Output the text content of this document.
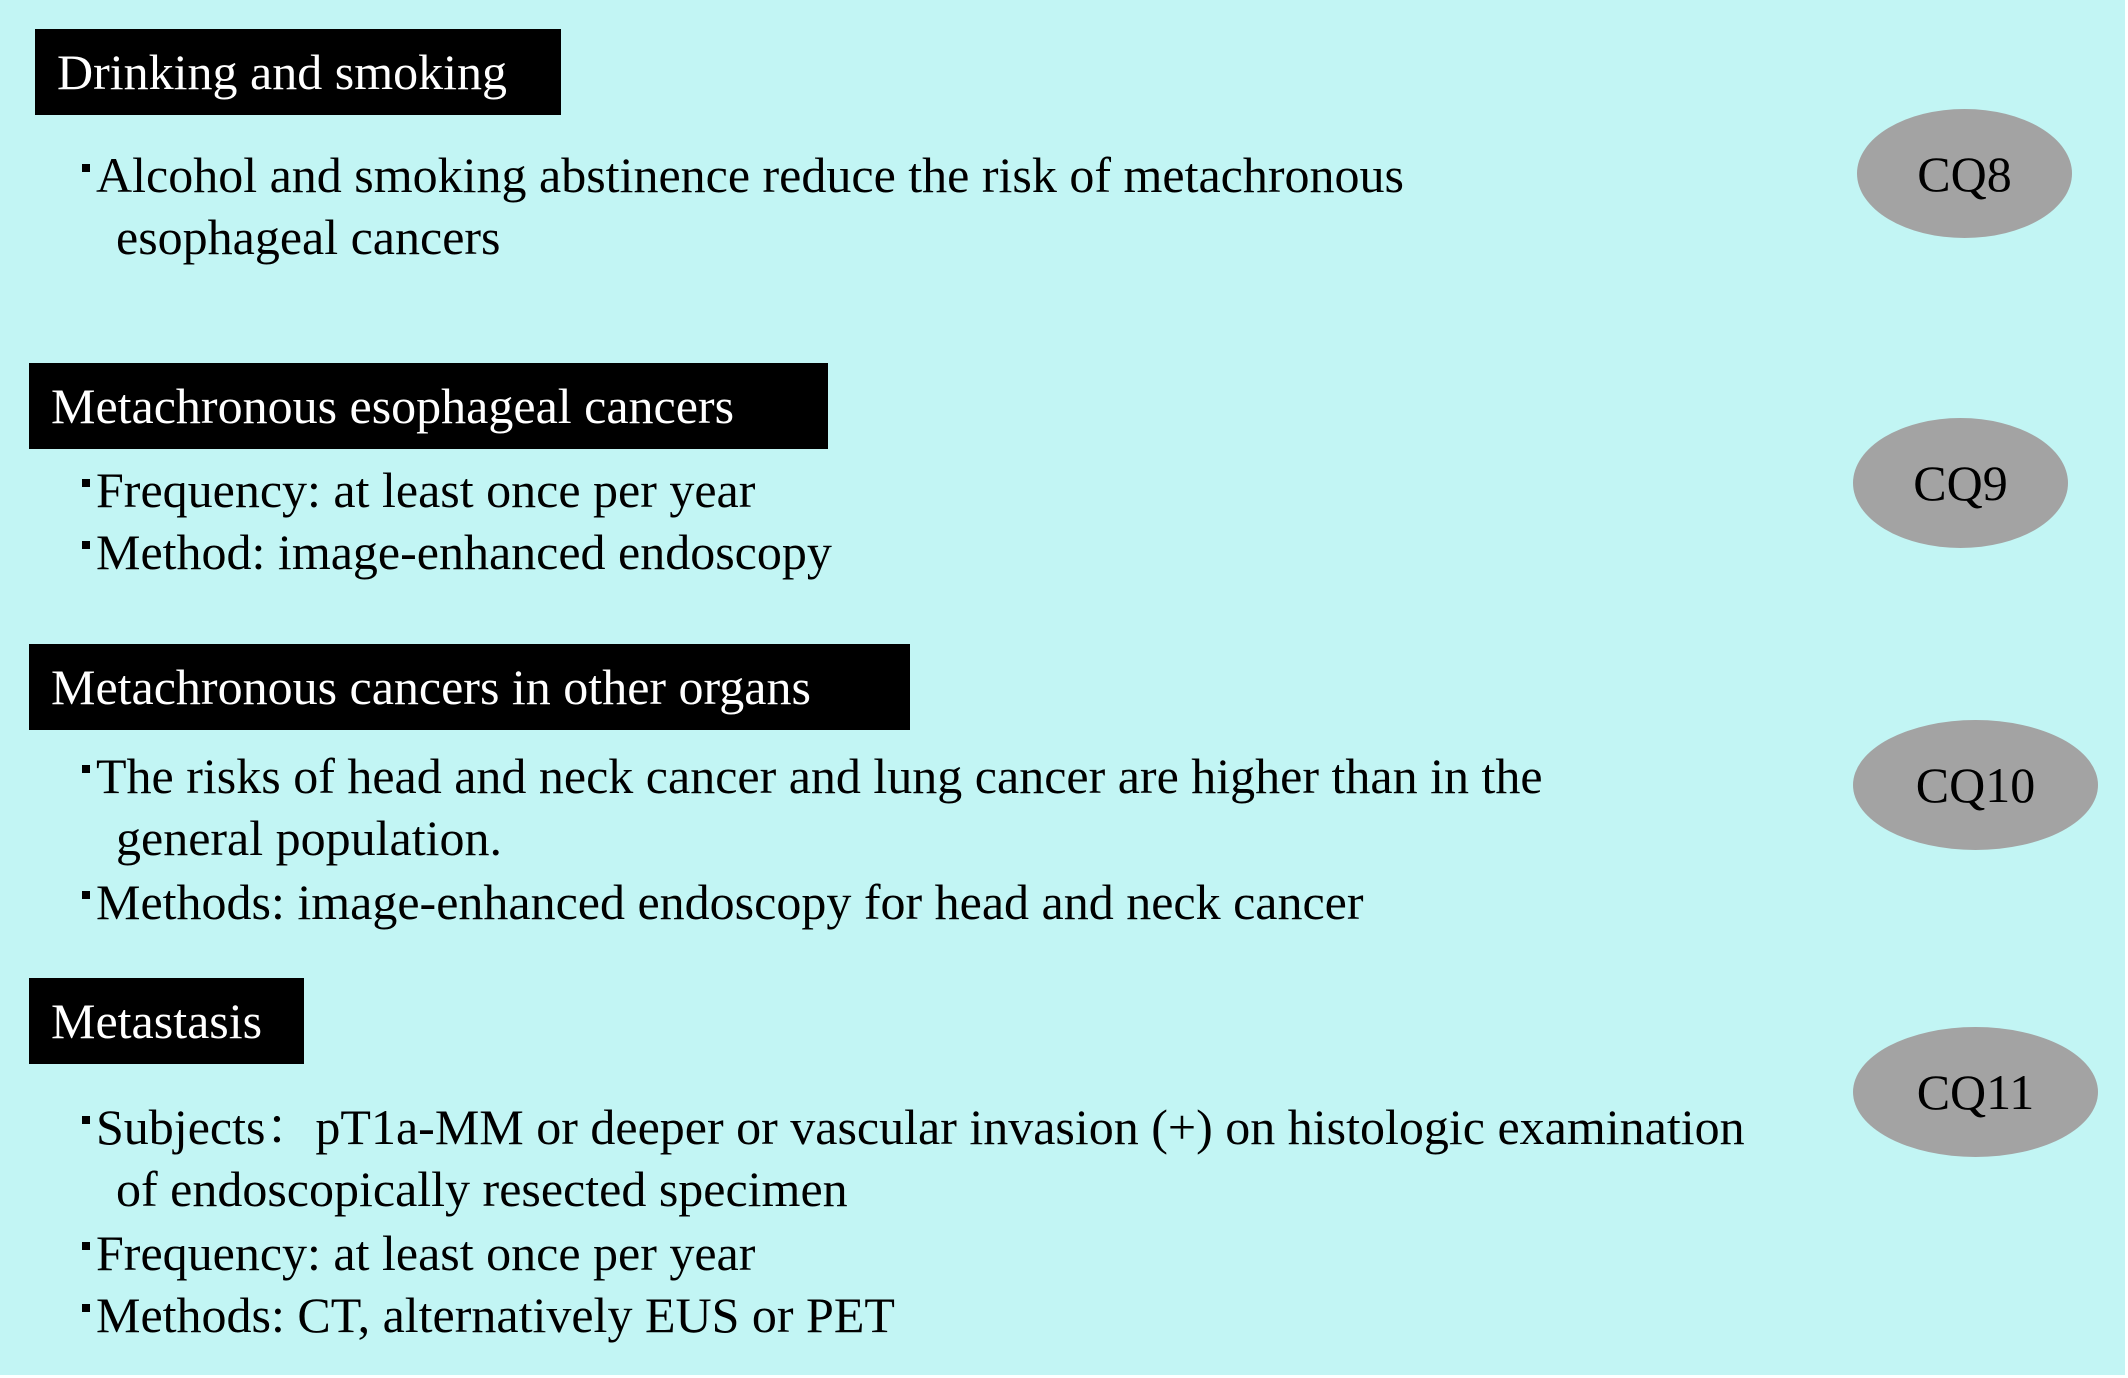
Drinking and smoking
Alcohol and smoking abstinence reduce the risk of metachronous
esophageal cancers
CQ8
Metachronous esophageal cancers
Frequency: at least once per year
Method: image-enhanced endoscopy
CQ9
Metachronous cancers in other organs
The risks of head and neck cancer and lung cancer are higher than in the
general population.
Methods: image-enhanced endoscopy for head and neck cancer
CQ10
Metastasis
Subjects：pT1a-MM or deeper or vascular invasion (+) on histologic examination
of endoscopically resected specimen
Frequency: at least once per year
Methods: CT, alternatively EUS or PET
CQ11
